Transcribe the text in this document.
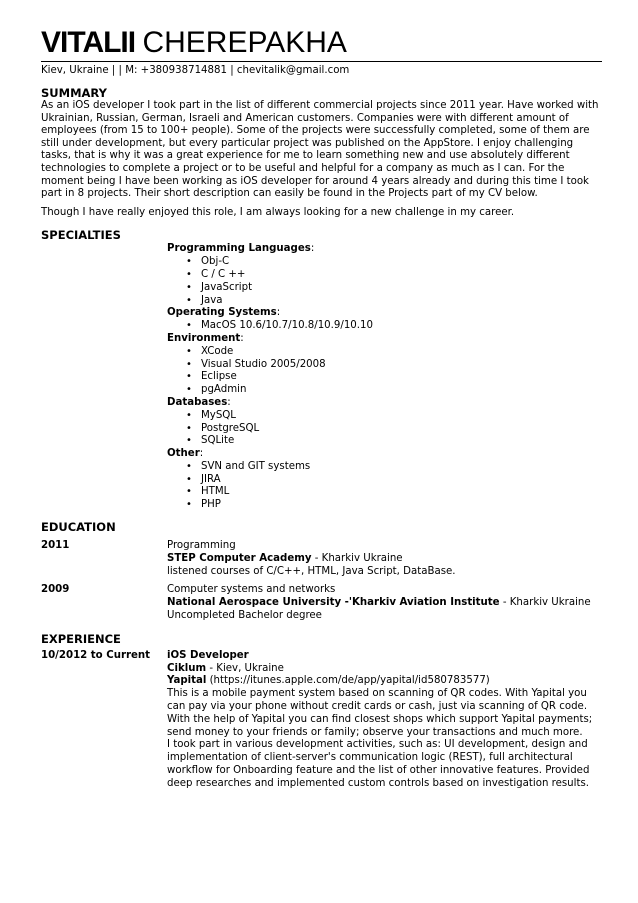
VITALII CHEREPAKHA
Kiev, Ukraine | | M: +380938714881 | chevitalik@gmail.com
SUMMARY

As an iOS developer I took part in the list of different commercial projects since 2011 year. Have worked with Ukrainian, Russian, German, Israeli and American customers. Companies were with different amount of employees (from 15 to 100+ people). Some of the projects were successfully completed, some of them are still under development, but every particular project was published on the AppStore. I enjoy challenging tasks, that is why it was a great experience for me to learn something new and use absolutely different technologies to complete a project or to be useful and helpful for a company as much as I can. For the moment being I have been working as iOS developer for around 4 years already and during this time I took part in 8 projects. Their short description can easily be found in the Projects part of my CV below.

Though I have really enjoyed this role, I am always looking for a new challenge in my career.

SPECIALTIES
Programming Languages:
• Obj-C
• C / C ++
• JavaScript
• Java
Operating Systems:
• MacOS 10.6/10.7/10.8/10.9/10.10
Environment:
• XCode
• Visual Studio 2005/2008
• Eclipse
• pgAdmin
Databases:
• MySQL
• PostgreSQL
• SQLite
Other:
• SVN and GIT systems
• JIRA
• HTML
• PHP
EDUCATION
2011	Programming
STEP Computer Academy - Kharkiv Ukraine
listened courses of C/C++, HTML, Java Script, DataBase.
2009	Computer systems and networks
National Aerospace University -'Kharkiv Aviation Institute - Kharkiv Ukraine
Uncompleted Bachelor degree
EXPERIENCE
10/2012 to Current	iOS Developer
Ciklum - Kiev, Ukraine
Yapital (https://itunes.apple.com/de/app/yapital/id580783577)
This is a mobile payment system based on scanning of QR codes. With Yapital you can pay via your phone without credit cards or cash, just via scanning of QR code. With the help of Yapital you can find closest shops which support Yapital payments; send money to your friends or family; observe your transactions and much more.
I took part in various development activities, such as: UI development, design and implementation of client-server's communication logic (REST), full architectural workflow for Onboarding feature and the list of other innovative features. Provided deep researches and implemented custom controls based on investigation results.
